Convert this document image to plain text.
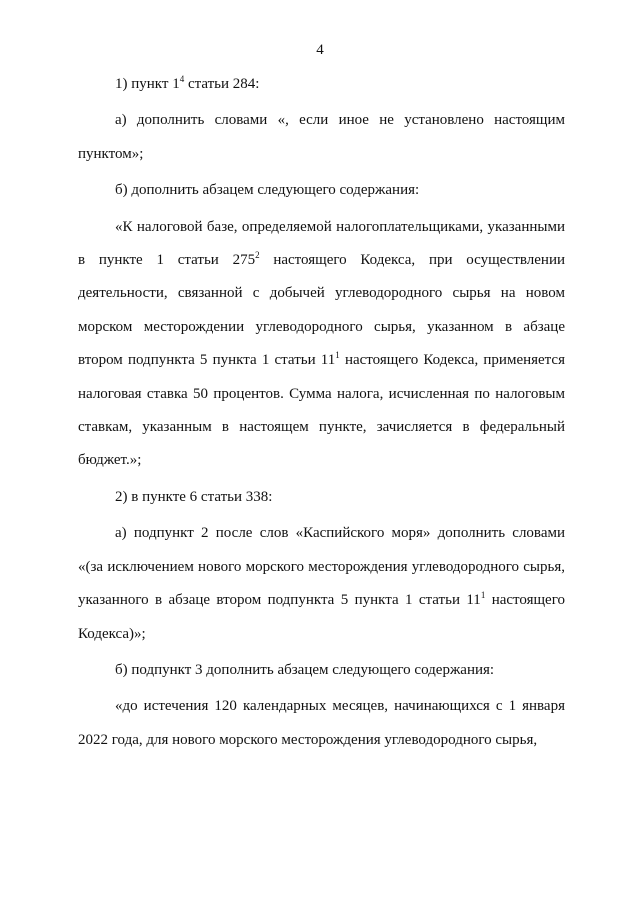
4

1) пункт $1^4$ статьи 284:

а) дополнить словами «, если иное не установлено настоящим пунктом»;

б) дополнить абзацем следующего содержания:

«К налоговой базе, определяемой налогоплательщиками, указанными в пункте 1 статьи $275^2$ настоящего Кодекса, при осуществлении деятельности, связанной с добычей углеводородного сырья на новом морском месторождении углеводородного сырья, указанном в абзаце втором подпункта 5 пункта 1 статьи $11^1$ настоящего Кодекса, применяется налоговая ставка 50 процентов. Сумма налога, исчисленная по налоговым ставкам, указанным в настоящем пункте, зачисляется в федеральный бюджет.»;

2) в пункте 6 статьи 338:

а) подпункт 2 после слов «Каспийского моря» дополнить словами «(за исключением нового морского месторождения углеводородного сырья, указанного в абзаце втором подпункта 5 пункта 1 статьи $11^1$ настоящего Кодекса)»;

б) подпункт 3 дополнить абзацем следующего содержания:

«до истечения 120 календарных месяцев, начинающихся с 1 января 2022 года, для нового морского месторождения углеводородного сырья,
